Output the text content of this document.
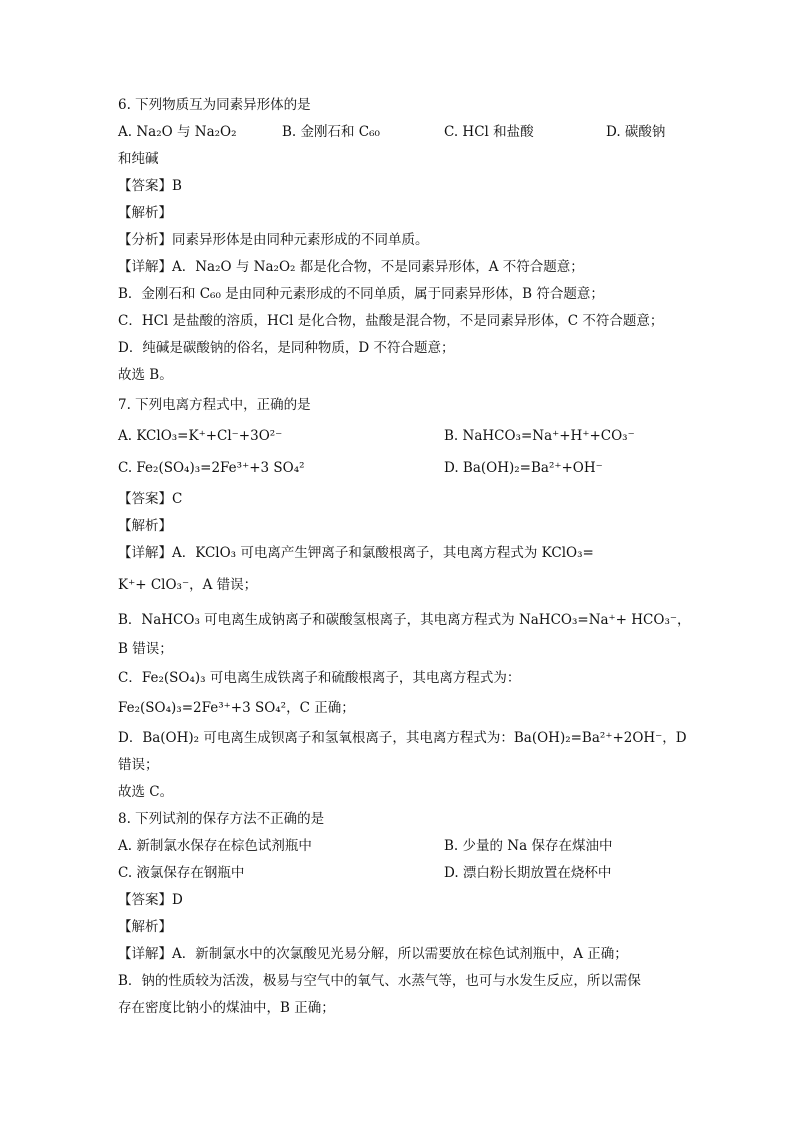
6. 下列物质互为同素异形体的是
A. Na₂O 与 Na₂O₂	B. 金刚石和 C₆₀	C. HCl 和盐酸	D. 碳酸钠
和纯碱
【答案】B
【解析】
【分析】同素异形体是由同种元素形成的不同单质。
【详解】A．Na₂O 与 Na₂O₂ 都是化合物，不是同素异形体，A 不符合题意；
B．金刚石和 C₆₀ 是由同种元素形成的不同单质，属于同素异形体，B 符合题意；
C．HCl 是盐酸的溶质，HCl 是化合物，盐酸是混合物，不是同素异形体，C 不符合题意；
D．纯碱是碳酸钠的俗名，是同种物质，D 不符合题意；
故选 B。
7. 下列电离方程式中，正确的是
A. KClO₃=K⁺+Cl⁻+3O²⁻	B. NaHCO₃=Na⁺+H⁺+CO₃⁻
C. Fe₂(SO₄)₃=2Fe³⁺+3 SO₄²	D. Ba(OH)₂=Ba²⁺+OH⁻
【答案】C
【解析】
【详解】A．KClO₃ 可电离产生钾离子和氯酸根离子，其电离方程式为 KClO₃=
K⁺+ ClO₃⁻，A 错误；
B．NaHCO₃ 可电离生成钠离子和碳酸氢根离子，其电离方程式为 NaHCO₃=Na⁺+ HCO₃⁻，
B 错误；
C．Fe₂(SO₄)₃ 可电离生成铁离子和硫酸根离子，其电离方程式为：
Fe₂(SO₄)₃=2Fe³⁺+3 SO₄²，C 正确；
D．Ba(OH)₂ 可电离生成钡离子和氢氧根离子，其电离方程式为：Ba(OH)₂=Ba²⁺+2OH⁻，D
错误；
故选 C。
8. 下列试剂的保存方法不正确的是
A. 新制氯水保存在棕色试剂瓶中	B. 少量的 Na 保存在煤油中
C. 液氯保存在钢瓶中	D. 漂白粉长期放置在烧杯中
【答案】D
【解析】
【详解】A．新制氯水中的次氯酸见光易分解，所以需要放在棕色试剂瓶中，A 正确；
B．钠的性质较为活泼，极易与空气中的氧气、水蒸气等，也可与水发生反应，所以需保
存在密度比钠小的煤油中，B 正确；
